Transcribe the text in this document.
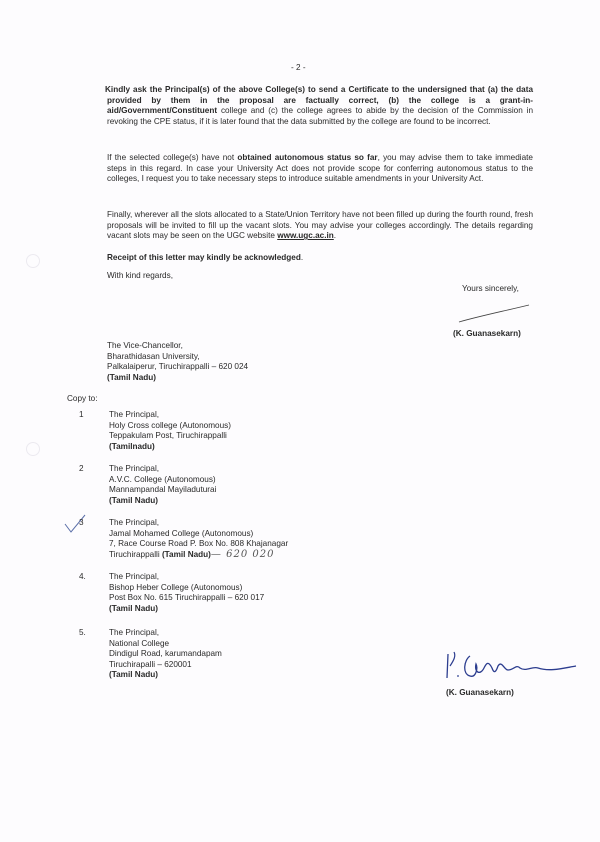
- 2 -
Kindly ask the Principal(s) of the above College(s) to send a Certificate to the undersigned that (a) the data provided by them in the proposal are factually correct, (b) the college is a grant-in-aid/Government/Constituent college and (c) the college agrees to abide by the decision of the Commission in revoking the CPE status, if it is later found that the data submitted by the college are found to be incorrect.
If the selected college(s) have not obtained autonomous status so far, you may advise them to take immediate steps in this regard. In case your University Act does not provide scope for conferring autonomous status to the colleges, I request you to take necessary steps to introduce suitable amendments in your University Act.
Finally, wherever all the slots allocated to a State/Union Territory have not been filled up during the fourth round, fresh proposals will be invited to fill up the vacant slots. You may advise your colleges accordingly. The details regarding vacant slots may be seen on the UGC website www.ugc.ac.in.
Receipt of this letter may kindly be acknowledged.
With kind regards,
Yours sincerely,
(K. Guanasekarn)
The Vice-Chancellor,
Bharathidasan University,
Palkalaiperur, Tiruchirappalli – 620 024
(Tamil Nadu)
Copy to:
1	The Principal,
Holy Cross college (Autonomous)
Teppakulam Post, Tiruchirappalli
(Tamilnadu)
2	The Principal,
A.V.C. College (Autonomous)
Mannampandal Mayiladuturai
(Tamil Nadu)
3	The Principal,
Jamal Mohamed College (Autonomous)
7, Race Course Road P. Box No. 808 Khajanagar
Tiruchirappalli (Tamil Nadu)— 620 020
4.	The Principal,
Bishop Heber College (Autonomous)
Post Box No. 615 Tiruchirappalli – 620 017
(Tamil Nadu)
5.	The Principal,
National College
Dindigul Road, karumandapam
Tiruchirapalli – 620001
(Tamil Nadu)
(K. Guanasekarn)
